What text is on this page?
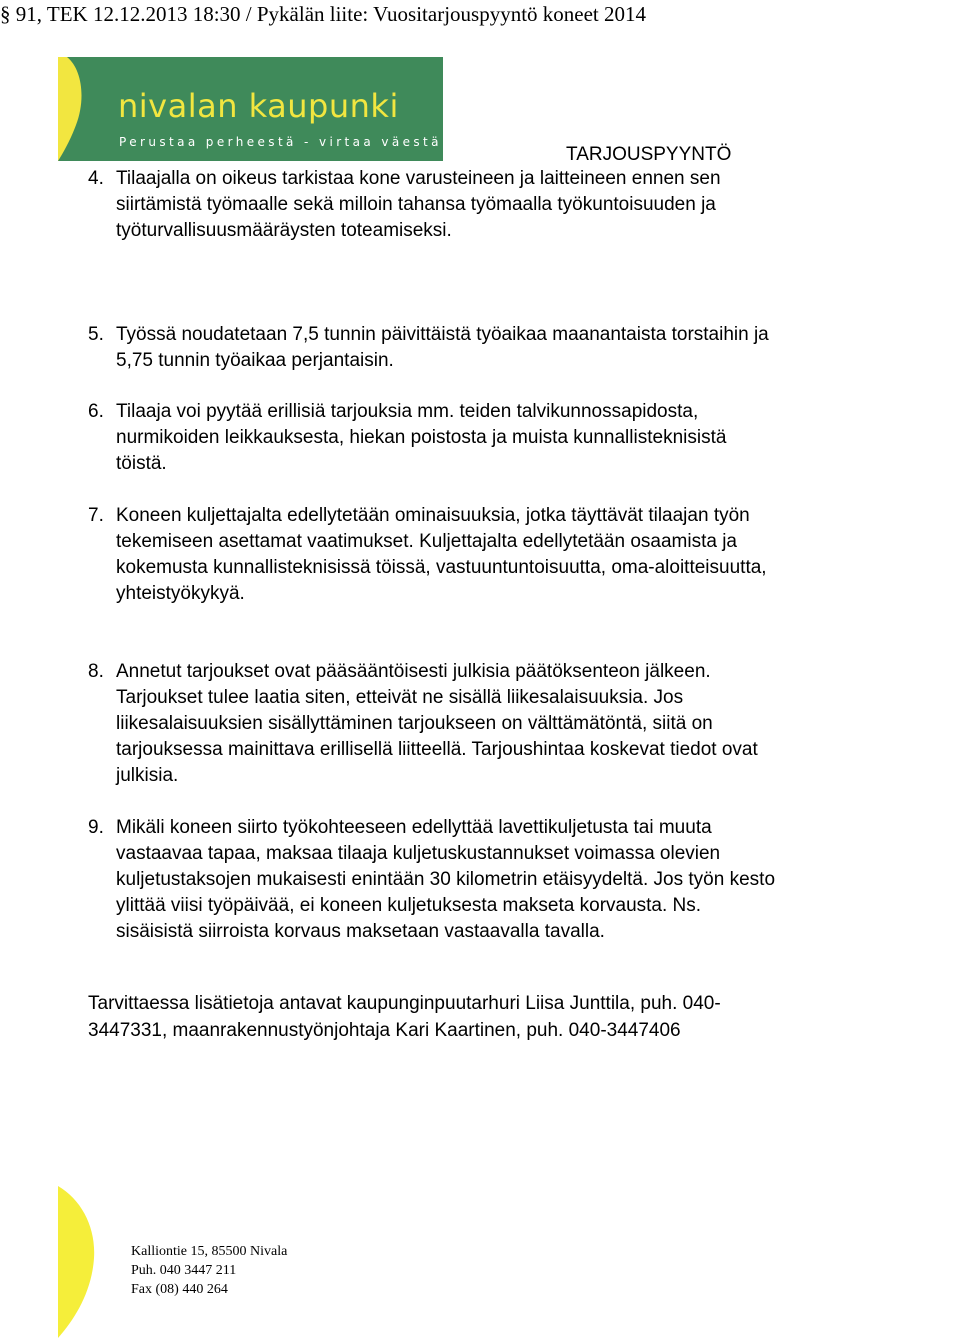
§ 91, TEK 12.12.2013 18:30 / Pykälän liite: Vuositarjouspyyntö koneet 2014
nivalan kaupunki
Perustaa perheestä - virtaa väestä
TARJOUSPYYNTÖ
4. Tilaajalla on oikeus tarkistaa kone varusteineen ja laitteineen ennen sen
siirtämistä työmaalle sekä milloin tahansa työmaalla työkuntoisuuden ja
työturvallisuusmääräysten toteamiseksi.
5. Työssä noudatetaan 7,5 tunnin päivittäistä työaikaa maanantaista torstaihin ja
5,75 tunnin työaikaa perjantaisin.
6. Tilaaja voi pyytää erillisiä tarjouksia mm. teiden talvikunnossapidosta,
nurmikoiden leikkauksesta, hiekan poistosta ja muista kunnallisteknisistä
töistä.
7. Koneen kuljettajalta edellytetään ominaisuuksia, jotka täyttävät tilaajan työn
tekemiseen asettamat vaatimukset. Kuljettajalta edellytetään osaamista ja
kokemusta kunnallisteknisissä töissä, vastuuntuntoisuutta, oma-aloitteisuutta,
yhteistyökykyä.
8. Annetut tarjoukset ovat pääsääntöisesti julkisia päätöksenteon jälkeen.
Tarjoukset tulee laatia siten, etteivät ne sisällä liikesalaisuuksia. Jos
liikesalaisuuksien sisällyttäminen tarjoukseen on välttämätöntä, siitä on
tarjouksessa mainittava erillisellä liitteellä. Tarjoushintaa koskevat tiedot ovat
julkisia.
9. Mikäli koneen siirto työkohteeseen edellyttää lavettikuljetusta tai muuta
vastaavaa tapaa, maksaa tilaaja kuljetuskustannukset voimassa olevien
kuljetustaksojen mukaisesti enintään 30 kilometrin etäisyydeltä. Jos työn kesto
ylittää viisi työpäivää, ei koneen kuljetuksesta makseta korvausta. Ns.
sisäisistä siirroista korvaus maksetaan vastaavalla tavalla.
Tarvittaessa lisätietoja antavat kaupunginpuutarhuri Liisa Junttila, puh. 040-
3447331, maanrakennustyönjohtaja Kari Kaartinen, puh. 040-3447406
Kalliontie 15, 85500 Nivala
Puh. 040 3447 211
Fax (08) 440 264
